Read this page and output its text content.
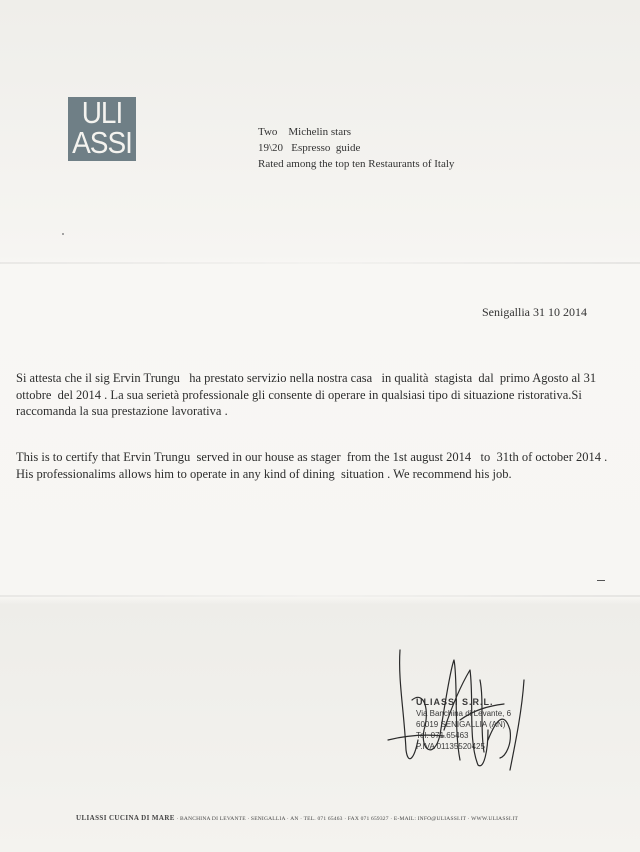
ULI
ASSI	Two    Michelin stars
19\20   Espresso  guide
Rated among the top ten Restaurants of Italy
Senigallia 31 10 2014
Si attesta che il sig Ervin Trungu   ha prestato servizio nella nostra casa   in qualità  stagista  dal  primo Agosto al 31 ottobre  del 2014 . La sua serietà professionale gli consente di operare in qualsiasi tipo di situazione ristorativa.Si raccomanda la sua prestazione lavorativa .
This is to certify that Ervin Trungu  served in our house as stager  from the 1st august 2014   to  31th of october 2014 . His professionalims allows him to operate in any kind of dining  situation . We recommend his job.
ULIASSI S.R.L.
Via Banchina di Levante, 6
60019 SENIGALLIA (AN)
Tel. 071.65463
P.IVA 01135520425
ULIASSI CUCINA DI MARE · BANCHINA DI LEVANTE · SENIGALLIA · AN · TEL. 071 65463 · FAX 071 659327 · E-MAIL: INFO@ULIASSI.IT · WWW.ULIASSI.IT
